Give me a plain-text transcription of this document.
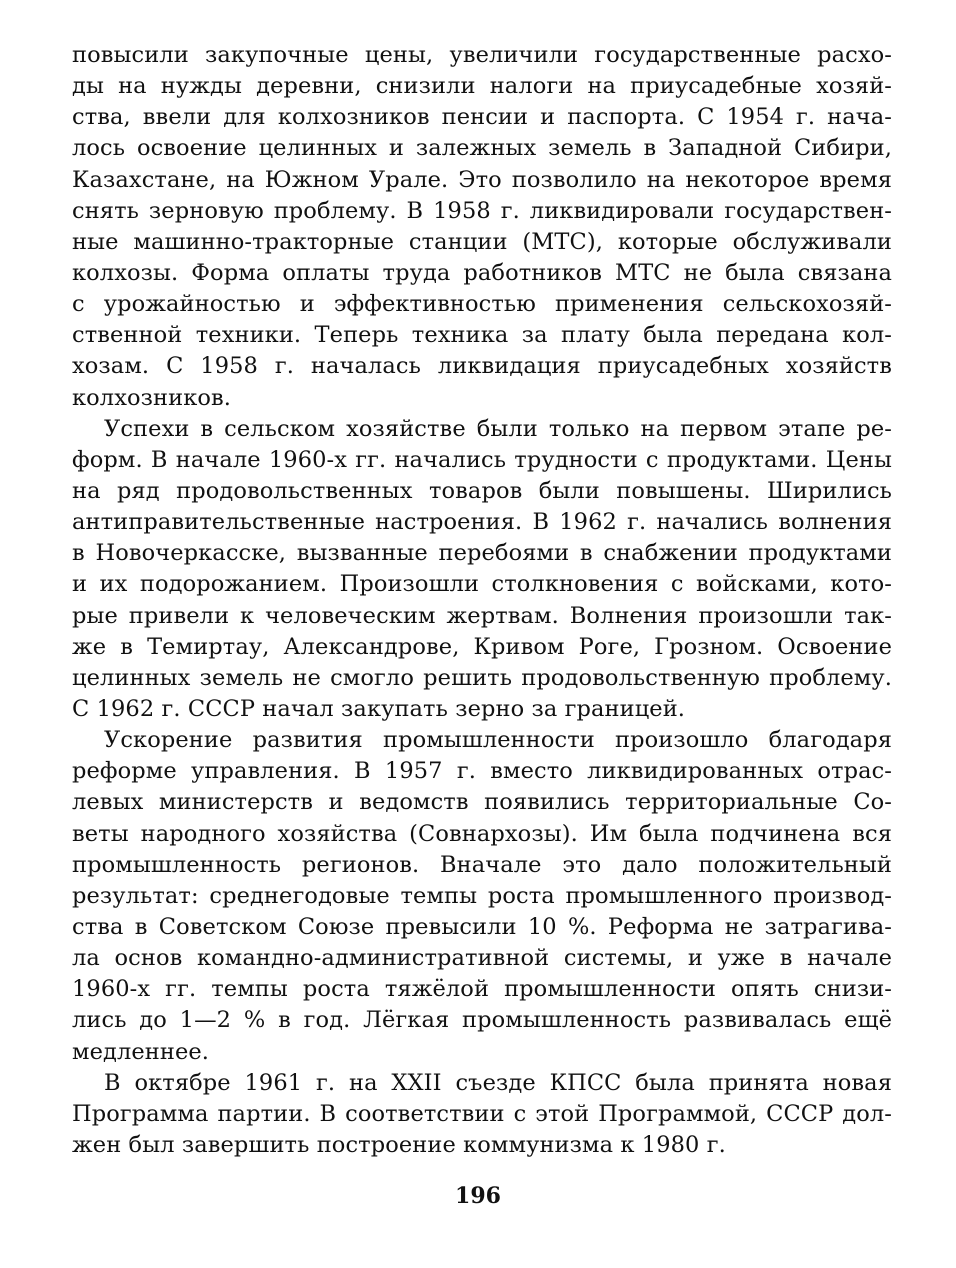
повысили закупочные цены, увеличили государственные расхо-
ды на нужды деревни, снизили налоги на приусадебные хозяй-
ства, ввели для колхозников пенсии и паспорта. С 1954 г. нача-
лось освоение целинных и залежных земель в Западной Сибири,
Казахстане, на Южном Урале. Это позволило на некоторое время
снять зерновую проблему. В 1958 г. ликвидировали государствен-
ные машинно-тракторные станции (МТС), которые обслуживали
колхозы. Форма оплаты труда работников МТС не была связана
с урожайностью и эффективностью применения сельскохозяй-
ственной техники. Теперь техника за плату была передана кол-
хозам. С 1958 г. началась ликвидация приусадебных хозяйств
колхозников.
Успехи в сельском хозяйстве были только на первом этапе ре-
форм. В начале 1960-х гг. начались трудности с продуктами. Цены
на ряд продовольственных товаров были повышены. Ширились
антиправительственные настроения. В 1962 г. начались волнения
в Новочеркасске, вызванные перебоями в снабжении продуктами
и их подорожанием. Произошли столкновения с войсками, кото-
рые привели к человеческим жертвам. Волнения произошли так-
же в Темиртау, Александрове, Кривом Роге, Грозном. Освоение
целинных земель не смогло решить продовольственную проблему.
С 1962 г. СССР начал закупать зерно за границей.
Ускорение развития промышленности произошло благодаря
реформе управления. В 1957 г. вместо ликвидированных отрас-
левых министерств и ведомств появились территориальные Со-
веты народного хозяйства (Совнархозы). Им была подчинена вся
промышленность регионов. Вначале это дало положительный
результат: среднегодовые темпы роста промышленного производ-
ства в Советском Союзе превысили 10 %. Реформа не затрагива-
ла основ командно-административной системы, и уже в начале
1960-х гг. темпы роста тяжёлой промышленности опять снизи-
лись до 1—2 % в год. Лёгкая промышленность развивалась ещё
медленнее.
В октябре 1961 г. на XXII съезде КПСС была принята новая
Программа партии. В соответствии с этой Программой, СССР дол-
жен был завершить построение коммунизма к 1980 г.
196
